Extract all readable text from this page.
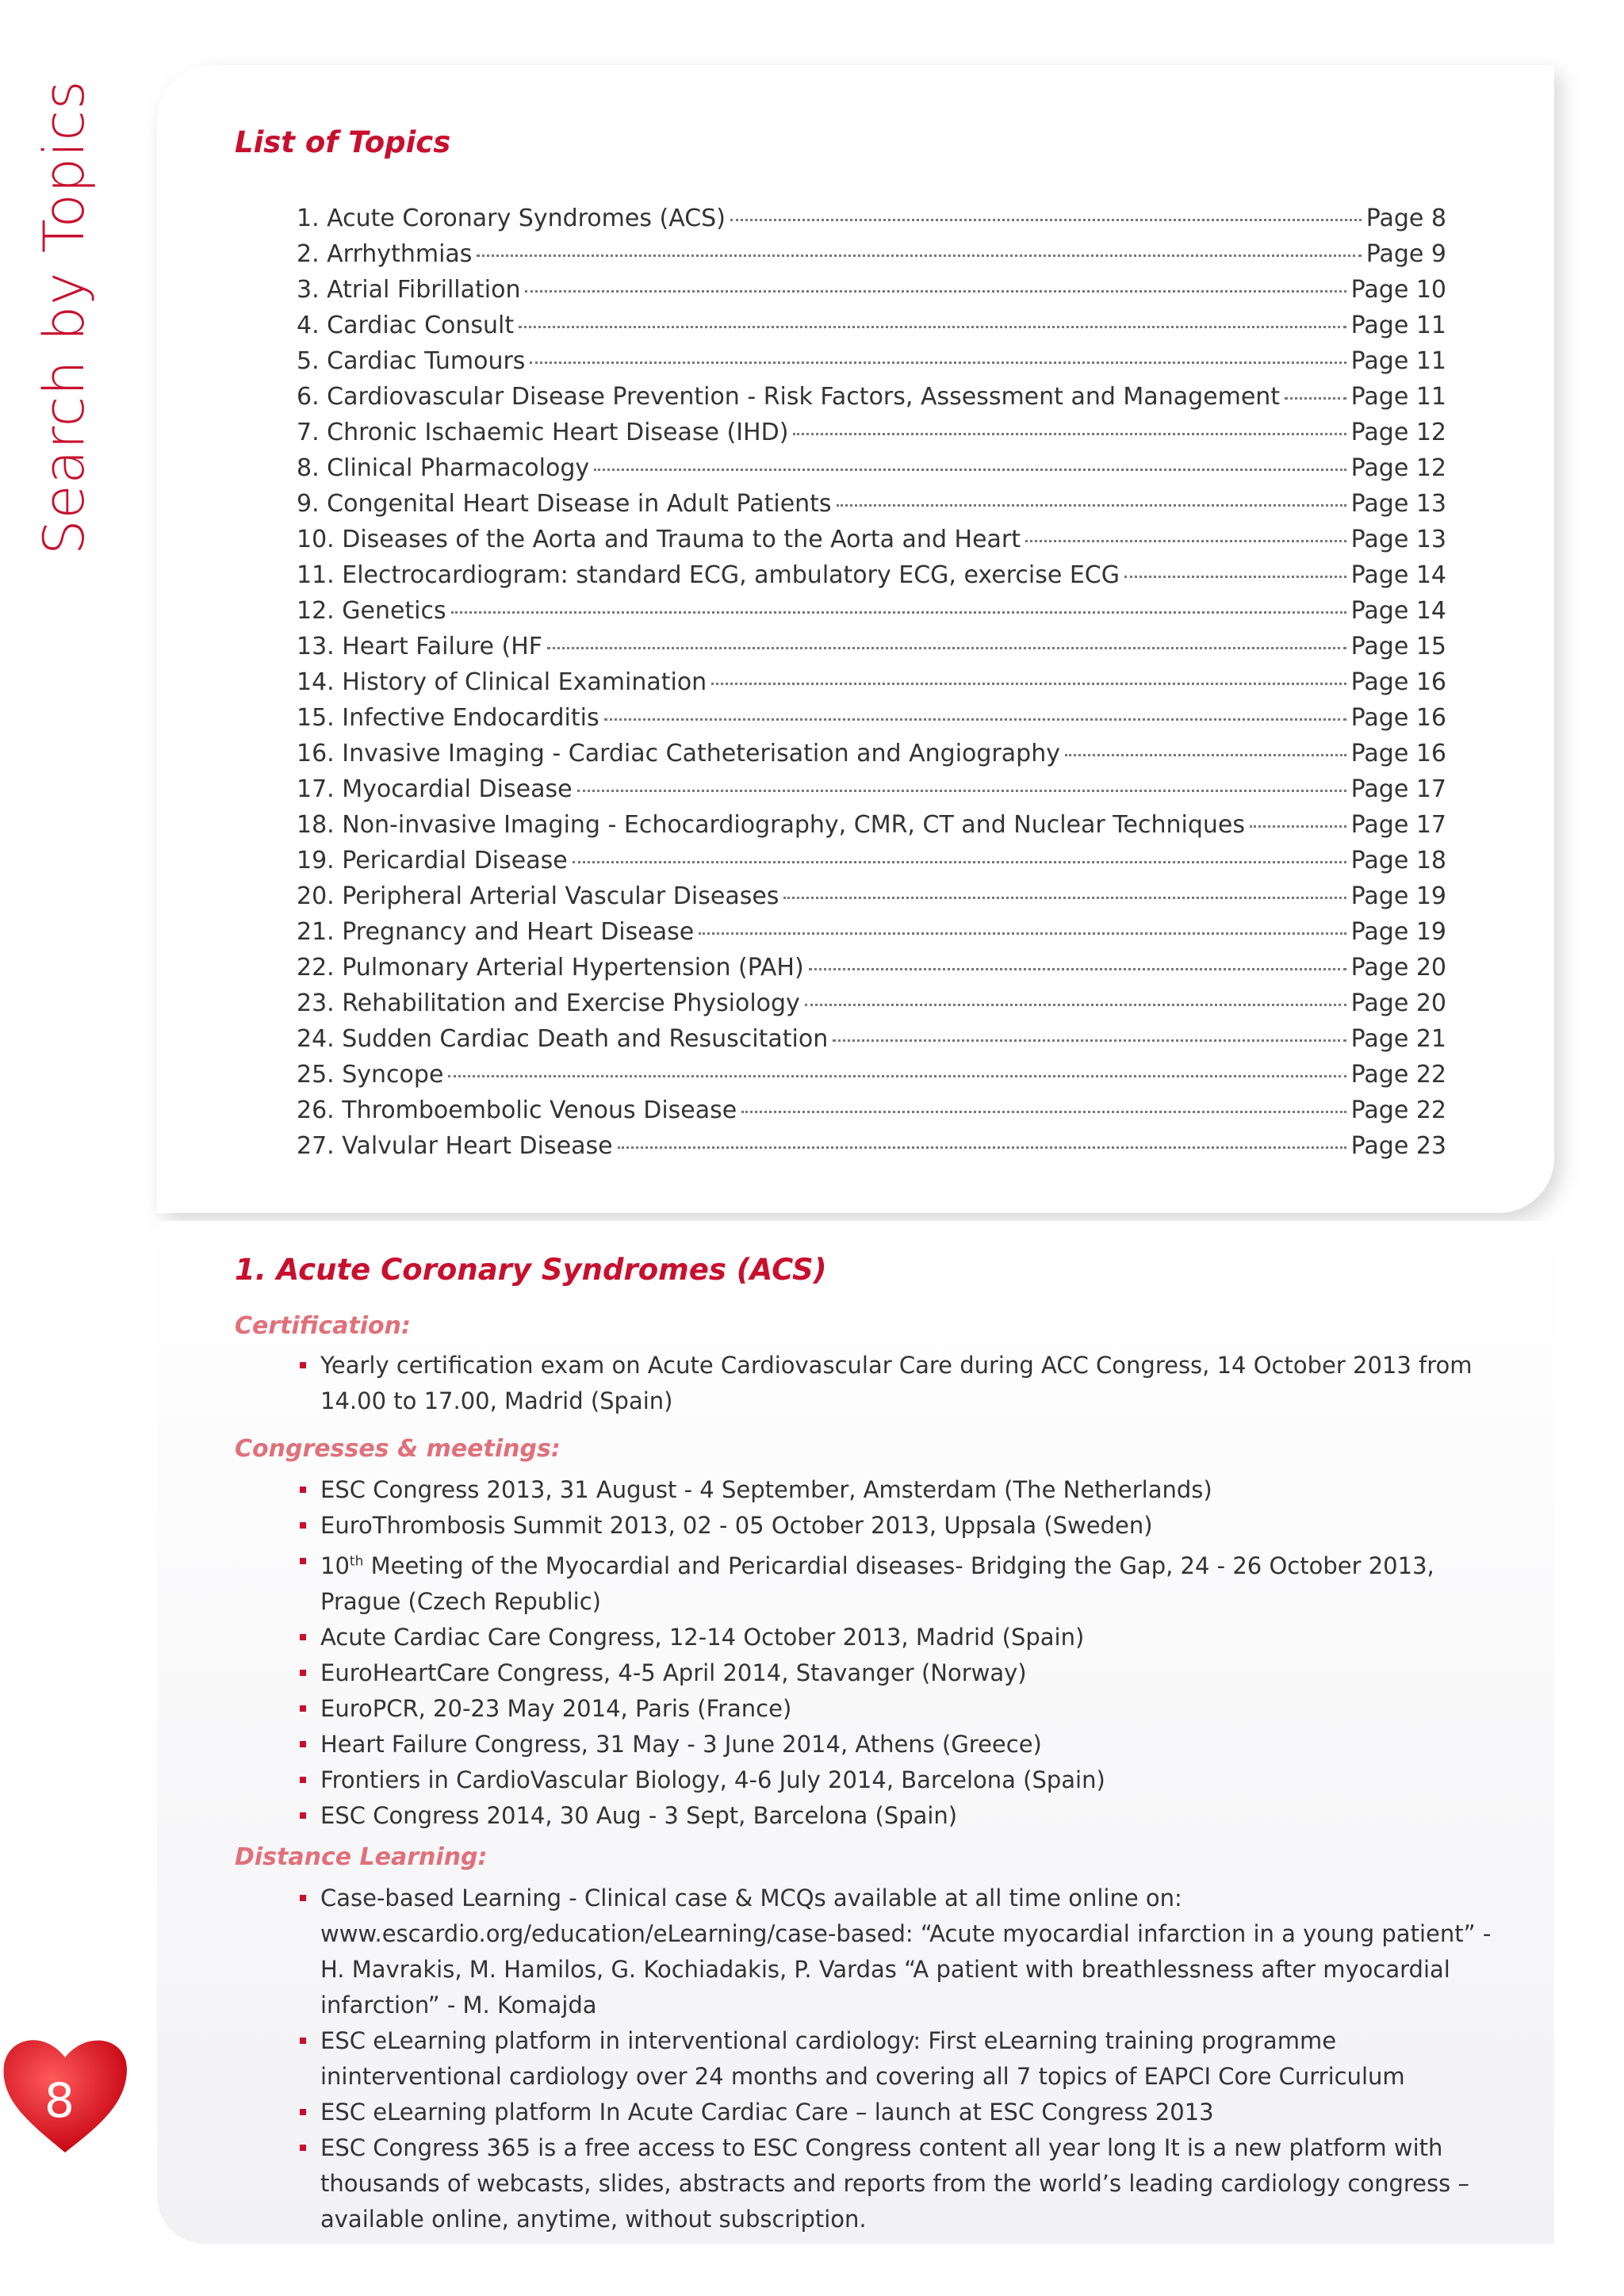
Search by Topics	List of Topics
1. Acute Coronary Syndromes (ACS)	Page 8
2. Arrhythmias	Page 9
3. Atrial Fibrillation	Page 10
4. Cardiac Consult	Page 11
5. Cardiac Tumours	Page 11
6. Cardiovascular Disease Prevention - Risk Factors, Assessment and Management	Page 11
7. Chronic Ischaemic Heart Disease (IHD)	Page 12
8. Clinical Pharmacology	Page 12
9. Congenital Heart Disease in Adult Patients	Page 13
10. Diseases of the Aorta and Trauma to the Aorta and Heart	Page 13
11. Electrocardiogram: standard ECG, ambulatory ECG, exercise ECG	Page 14
12. Genetics	Page 14
13. Heart Failure (HF	Page 15
14. History of Clinical Examination	Page 16
15. Infective Endocarditis	Page 16
16. Invasive Imaging - Cardiac Catheterisation and Angiography	Page 16
17. Myocardial Disease	Page 17
18. Non-invasive Imaging - Echocardiography, CMR, CT and Nuclear Techniques	Page 17
19. Pericardial Disease	Page 18
20. Peripheral Arterial Vascular Diseases	Page 19
21. Pregnancy and Heart Disease	Page 19
22. Pulmonary Arterial Hypertension (PAH)	Page 20
23. Rehabilitation and Exercise Physiology	Page 20
24. Sudden Cardiac Death and Resuscitation	Page 21
25. Syncope	Page 22
26. Thromboembolic Venous Disease	Page 22
27. Valvular Heart Disease	Page 23
1. Acute Coronary Syndromes (ACS)
Certification:
Yearly certification exam on Acute Cardiovascular Care during ACC Congress, 14 October 2013 from 14.00 to 17.00, Madrid (Spain)
Congresses & meetings:
ESC Congress 2013, 31 August - 4 September, Amsterdam (The Netherlands)
EuroThrombosis Summit 2013, 02 - 05 October 2013, Uppsala (Sweden)
10th Meeting of the Myocardial and Pericardial diseases- Bridging the Gap, 24 - 26 October 2013, Prague (Czech Republic)
Acute Cardiac Care Congress, 12-14 October 2013, Madrid (Spain)
EuroHeartCare Congress, 4-5 April 2014, Stavanger (Norway)
EuroPCR, 20-23 May 2014, Paris (France)
Heart Failure Congress, 31 May - 3 June 2014, Athens (Greece)
Frontiers in CardioVascular Biology, 4-6 July 2014, Barcelona (Spain)
ESC Congress 2014, 30 Aug - 3 Sept, Barcelona (Spain)
Distance Learning:
Case-based Learning - Clinical case & MCQs available at all time online on: www.escardio.org/education/eLearning/case-based: “Acute myocardial infarction in a young patient” - H. Mavrakis, M. Hamilos, G. Kochiadakis, P. Vardas “A patient with breathlessness after myocardial infarction” - M. Komajda
ESC eLearning platform in interventional cardiology: First eLearning training programme ininterventional cardiology over 24 months and covering all 7 topics of EAPCI Core Curriculum
ESC eLearning platform In Acute Cardiac Care – launch at ESC Congress 2013
ESC Congress 365 is a free access to ESC Congress content all year long It is a new platform with thousands of webcasts, slides, abstracts and reports from the world’s leading cardiology congress – available online, anytime, without subscription.
8
